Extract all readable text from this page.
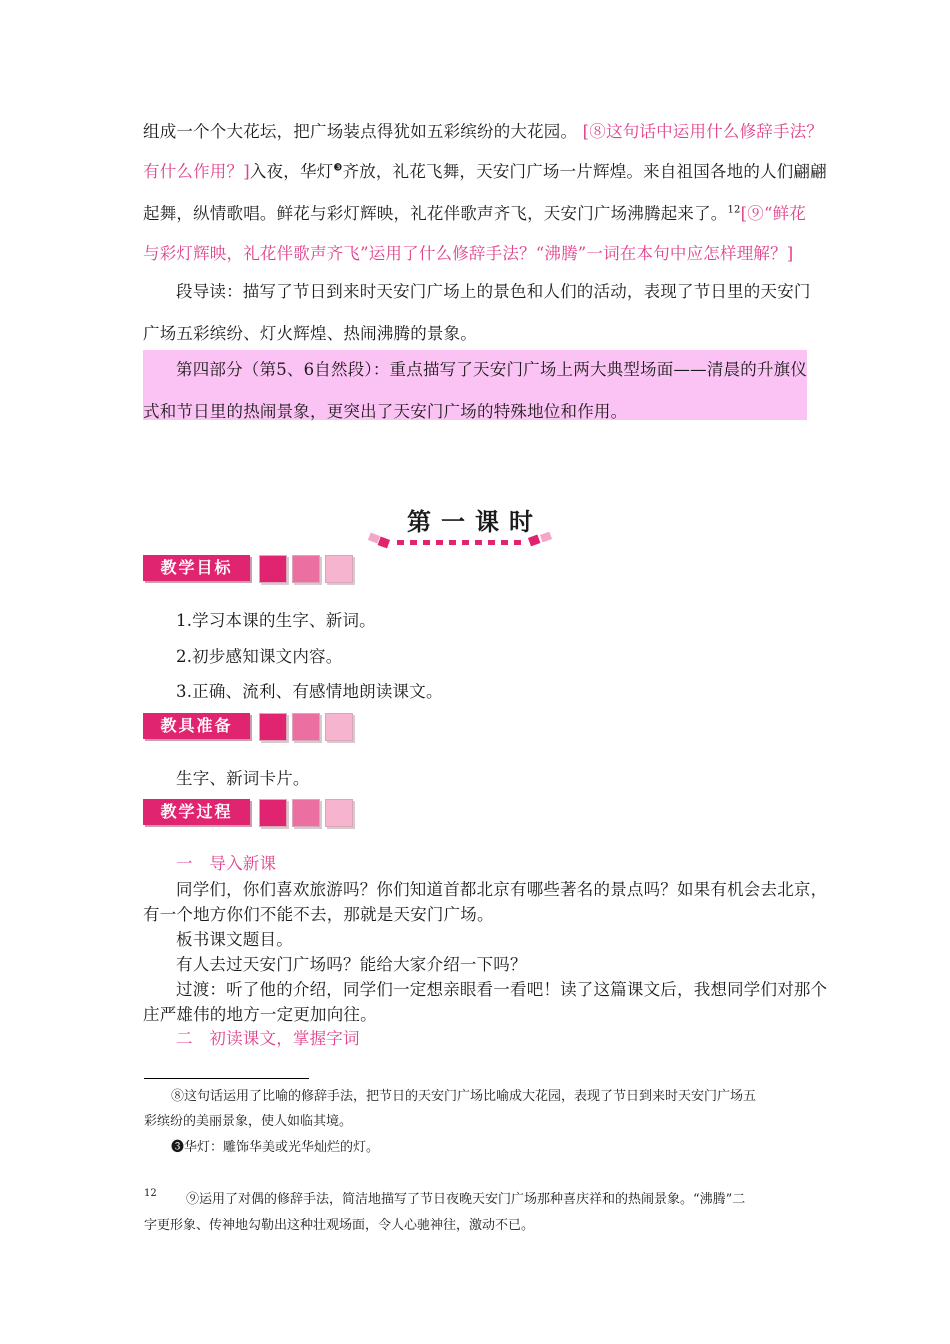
组成一个个大花坛，把广场装点得犹如五彩缤纷的大花园。 [⑧这句话中运用什么修辞手法？
有什么作用？]入夜，华灯$^❸$齐放，礼花飞舞，天安门广场一片辉煌。来自祖国各地的人们翩翩
起舞，纵情歌唱。鲜花与彩灯辉映，礼花伴歌声齐飞，天安门广场沸腾起来了。$^{12}$[⑨“鲜花
与彩灯辉映，礼花伴歌声齐飞”运用了什么修辞手法？“沸腾”一词在本句中应怎样理解？]
段导读：描写了节日到来时天安门广场上的景色和人们的活动，表现了节日里的天安门
广场五彩缤纷、灯火辉煌、热闹沸腾的景象。
第四部分（第5、6自然段）：重点描写了天安门广场上两大典型场面——清晨的升旗仪
式和节日里的热闹景象，更突出了天安门广场的特殊地位和作用。
第一课时
教学目标
1.学习本课的生字、新词。
2.初步感知课文内容。
3.正确、流利、有感情地朗读课文。
教具准备
生字、新词卡片。
教学过程
一　导入新课
同学们，你们喜欢旅游吗？你们知道首都北京有哪些著名的景点吗？如果有机会去北京，
有一个地方你们不能不去，那就是天安门广场。
板书课文题目。
有人去过天安门广场吗？能给大家介绍一下吗？
过渡：听了他的介绍，同学们一定想亲眼看一看吧！读了这篇课文后，我想同学们对那个
庄严雄伟的地方一定更加向往。
二　初读课文，掌握字词
⑧这句话运用了比喻的修辞手法，把节日的天安门广场比喻成大花园，表现了节日到来时天安门广场五
彩缤纷的美丽景象，使人如临其境。
❸华灯：雕饰华美或光华灿烂的灯。
12 ⑨运用了对偶的修辞手法，简洁地描写了节日夜晚天安门广场那种喜庆祥和的热闹景象。“沸腾”二
字更形象、传神地勾勒出这种壮观场面，令人心驰神往，激动不已。
